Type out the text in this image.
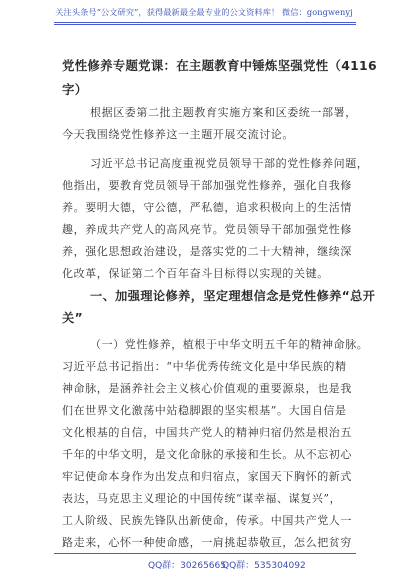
关注头条号“公文研究”，获得最新最全最专业的公文资料库！ 微信：gongwenyj
党性修养专题党课：在主题教育中锤炼坚强党性（4116
字）
根据区委第二批主题教育实施方案和区委统一部署，
今天我围绕党性修养这一主题开展交流讨论。
习近平总书记高度重视党员领导干部的党性修养问题，
他指出，要教育党员领导干部加强党性修养，强化自我修
养。要明大德，守公德，严私德，追求积极向上的生活情
趣，养成共产党人的高风亮节。党员领导干部加强党性修
养，强化思想政治建设，是落实党的二十大精神，继续深
化改革，保证第二个百年奋斗目标得以实现的关键。
一、加强理论修养，坚定理想信念是党性修养“总开
关”
（一）党性修养，植根于中华文明五千年的精神命脉。
习近平总书记指出：“中华优秀传统文化是中华民族的精
神命脉，是涵养社会主义核心价值观的重要源泉，也是我
们在世界文化激荡中站稳脚跟的坚实根基”。大国自信是
文化根基的自信，中国共产党人的精神归宿仍然是根治五
千年的中华文明，是文化命脉的承接和生长。从不忘初心
牢记使命本身作为出发点和归宿点，家国天下胸怀的新式
表达，马克思主义理论的中国传统“谋幸福、谋复兴”，
工人阶级、民族先锋队出新使命，传承。中国共产党人一
路走来，心怀一种使命感，一肩挑起恭敬亘，怎么把贫穷
QQ群：30265665
QQ群：535304092
